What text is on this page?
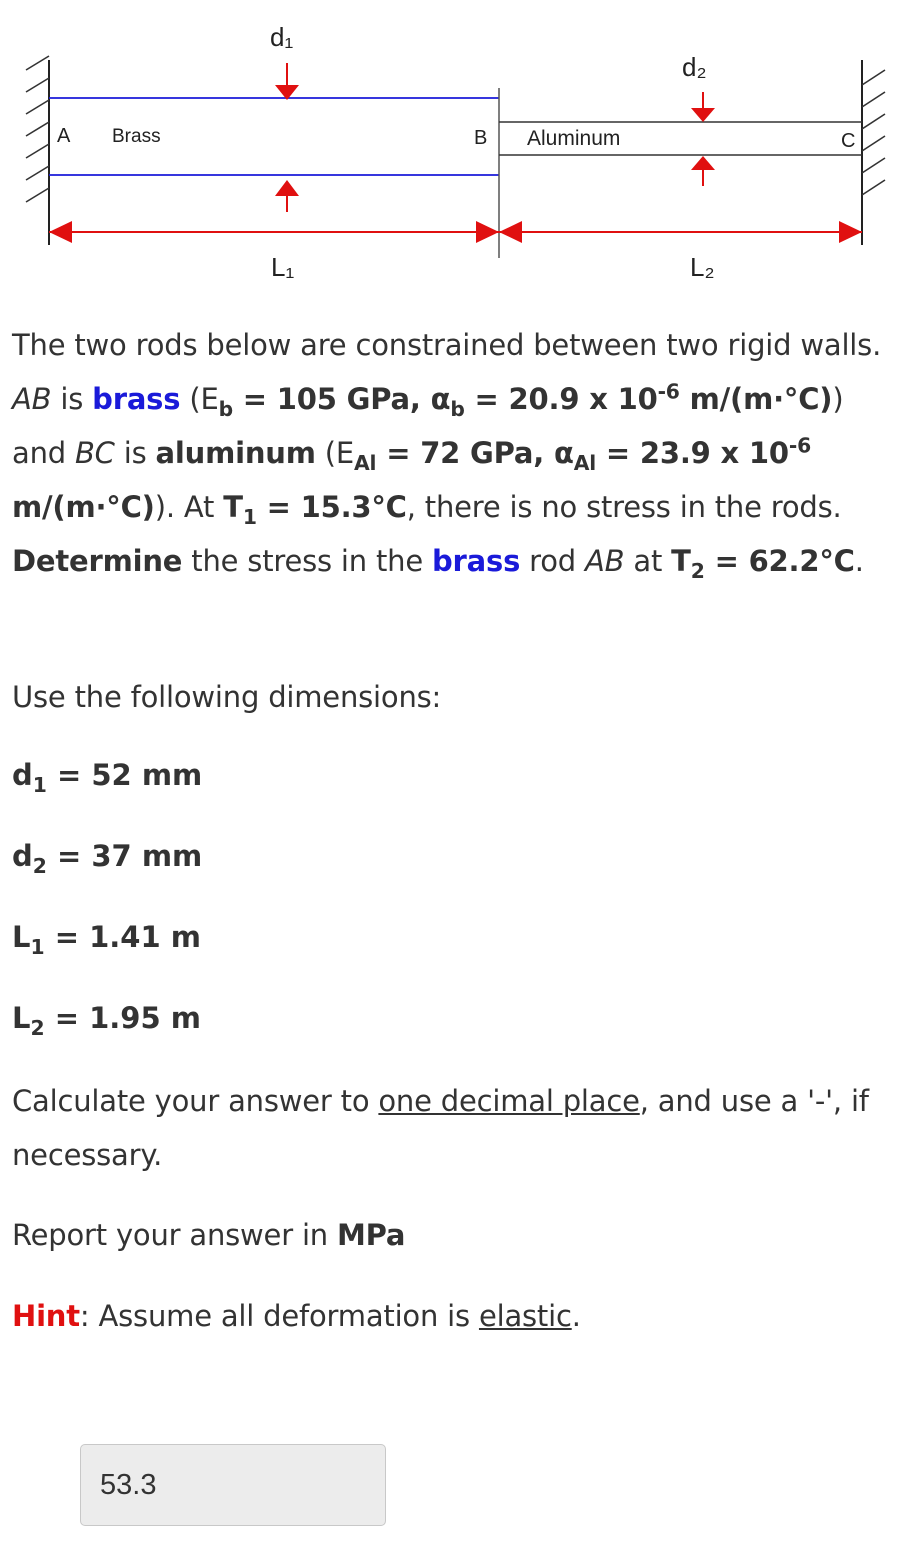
A Brass	B Aluminum	C
d₁
d₂
L₁	L₂

The two rods below are constrained between two rigid walls. AB is brass ($E_b = 105$ GPa, $\alpha_b = 20.9$ x $10^{-6}$ m/(m·°C)) and BC is aluminum ($E_{Al} = 72$ GPa, $\alpha_{Al} = 23.9$ x $10^{-6}$ m/(m·°C)). At $T_1 = 15.3^\circ C$, there is no stress in the rods. Determine the stress in the brass rod AB at $T_2 = 62.2^\circ C$.

Use the following dimensions:

$d_1 = 52$ mm

$d_2 = 37$ mm

$L_1 = 1.41$ m

$L_2 = 1.95$ m

Calculate your answer to one decimal place, and use a '-', if necessary.

Report your answer in MPa

Hint: Assume all deformation is elastic.

53.3
